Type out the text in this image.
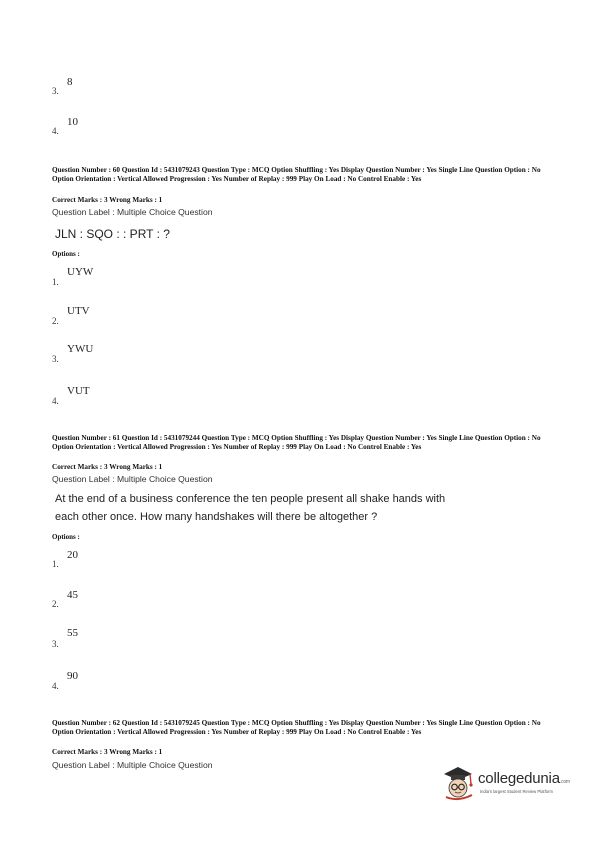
3.
8
4.
10
Question Number : 60 Question Id : 5431079243 Question Type : MCQ Option Shuffling : Yes Display Question Number : Yes Single Line Question Option : No Option Orientation : Vertical Allowed Progression : Yes Number of Replay : 999 Play On Load : No Control Enable : Yes
Correct Marks : 3 Wrong Marks : 1
Question Label : Multiple Choice Question
JLN : SQO : : PRT : ?
Options :
1.
UYW
2.
UTV
3.
YWU
4.
VUT
Question Number : 61 Question Id : 5431079244 Question Type : MCQ Option Shuffling : Yes Display Question Number : Yes Single Line Question Option : No Option Orientation : Vertical Allowed Progression : Yes Number of Replay : 999 Play On Load : No Control Enable : Yes
Correct Marks : 3 Wrong Marks : 1
Question Label : Multiple Choice Question
At the end of a business conference the ten people present all shake hands with
each other once. How many handshakes will there be altogether ?
Options :
1.
20
2.
45
3.
55
4.
90
Question Number : 62 Question Id : 5431079245 Question Type : MCQ Option Shuffling : Yes Display Question Number : Yes Single Line Question Option : No Option Orientation : Vertical Allowed Progression : Yes Number of Replay : 999 Play On Load : No Control Enable : Yes
Correct Marks : 3 Wrong Marks : 1
Question Label : Multiple Choice Question
collegedunia.com
India's largest Student Review Platform
